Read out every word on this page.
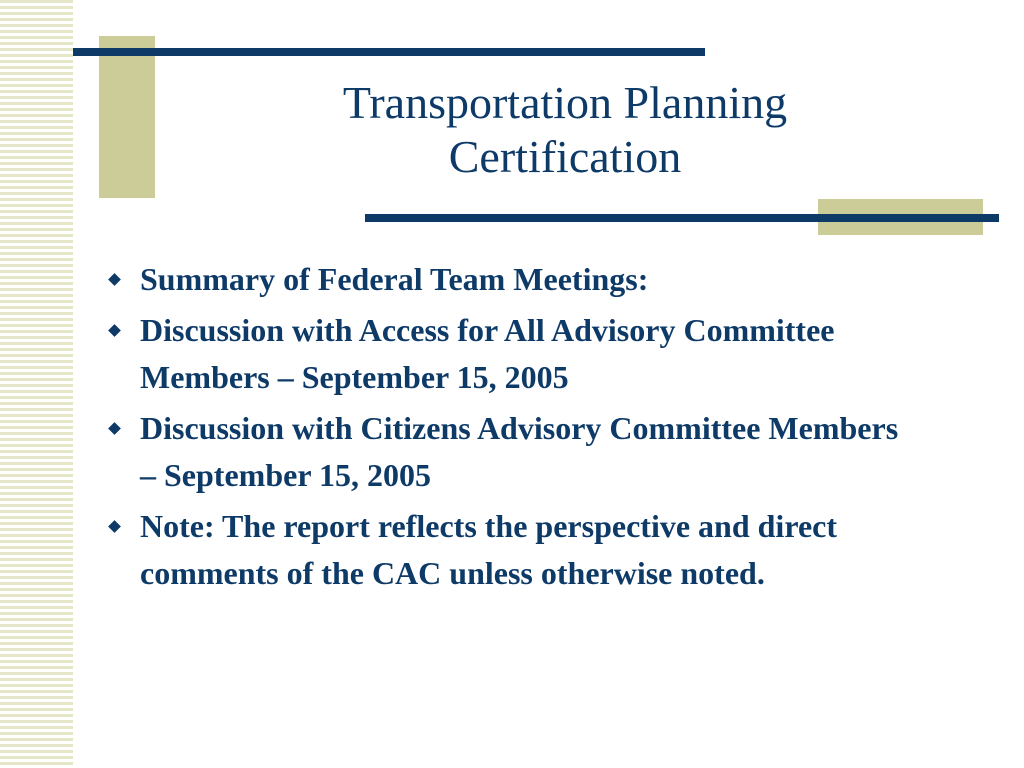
Transportation Planning
Certification
Summary of Federal Team Meetings:
Discussion with Access for All Advisory Committee Members – September 15, 2005
Discussion with Citizens Advisory Committee Members – September 15, 2005
Note: The report reflects the perspective and direct comments of the CAC unless otherwise noted.
